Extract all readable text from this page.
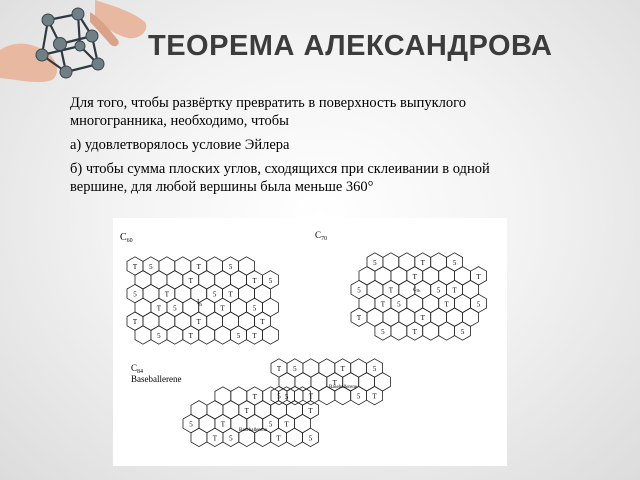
ТЕОРЕМА АЛЕКСАНДРОВА

Для того, чтобы развёртку превратить в поверхность выпуклого многогранника, необходимо, чтобы

а) удовлетворялось условие Эйлера

б) чтобы сумма плоских углов, сходящихся при склеивании в одной вершине, для любой вершины была меньше 360°

T 5	T	5
T	T 5
5	T	5 T
T 5	T	5
T	T	T
5	T	5 T
5	T	5
T	T
5	T	5 T
T 5	T	5
T	T
5	T	5
T 5	T	5
T
5	T	5 T
T	5
T	T
5	T	5 T
T 5	T	5
$C_{60}$
$C_{70}$
$C_{84}$
Baseballerene
Baseballerene
Baseballerene
$I_h$
$C_{5h}$
